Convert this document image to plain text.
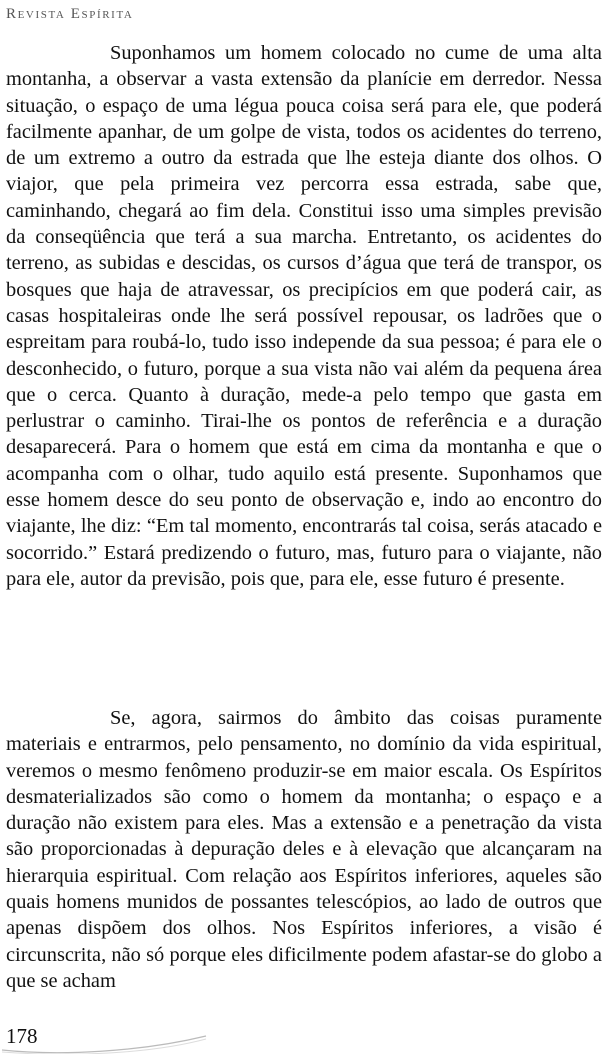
Revista Espírita

Suponhamos um homem colocado no cume de uma alta montanha, a observar a vasta extensão da planície em derredor. Nessa situação, o espaço de uma légua pouca coisa será para ele, que poderá facilmente apanhar, de um golpe de vista, todos os acidentes do terreno, de um extremo a outro da estrada que lhe esteja diante dos olhos. O viajor, que pela primeira vez percorra essa estrada, sabe que, caminhando, chegará ao fim dela. Constitui isso uma simples previsão da conseqüência que terá a sua marcha. Entretanto, os acidentes do terreno, as subidas e descidas, os cursos d’água que terá de transpor, os bosques que haja de atravessar, os precipícios em que poderá cair, as casas hospitaleiras onde lhe será possível repousar, os ladrões que o espreitam para roubá-lo, tudo isso independe da sua pessoa; é para ele o desconhecido, o futuro, porque a sua vista não vai além da pequena área que o cerca. Quanto à duração, mede-a pelo tempo que gasta em perlustrar o caminho. Tirai-lhe os pontos de referência e a duração desaparecerá. Para o homem que está em cima da montanha e que o acompanha com o olhar, tudo aquilo está presente. Suponhamos que esse homem desce do seu ponto de observação e, indo ao encontro do viajante, lhe diz: “Em tal momento, encontrarás tal coisa, serás atacado e socorrido.” Estará predizendo o futuro, mas, futuro para o viajante, não para ele, autor da previsão, pois que, para ele, esse futuro é presente.

Se, agora, sairmos do âmbito das coisas puramente materiais e entrarmos, pelo pensamento, no domínio da vida espiritual, veremos o mesmo fenômeno produzir-se em maior escala. Os Espíritos desmaterializados são como o homem da montanha; o espaço e a duração não existem para eles. Mas a extensão e a penetração da vista são proporcionadas à depuração deles e à elevação que alcançaram na hierarquia espiritual. Com relação aos Espíritos inferiores, aqueles são quais homens munidos de possantes telescópios, ao lado de outros que apenas dispõem dos olhos. Nos Espíritos inferiores, a visão é circunscrita, não só porque eles dificilmente podem afastar-se do globo a que se acham

178
